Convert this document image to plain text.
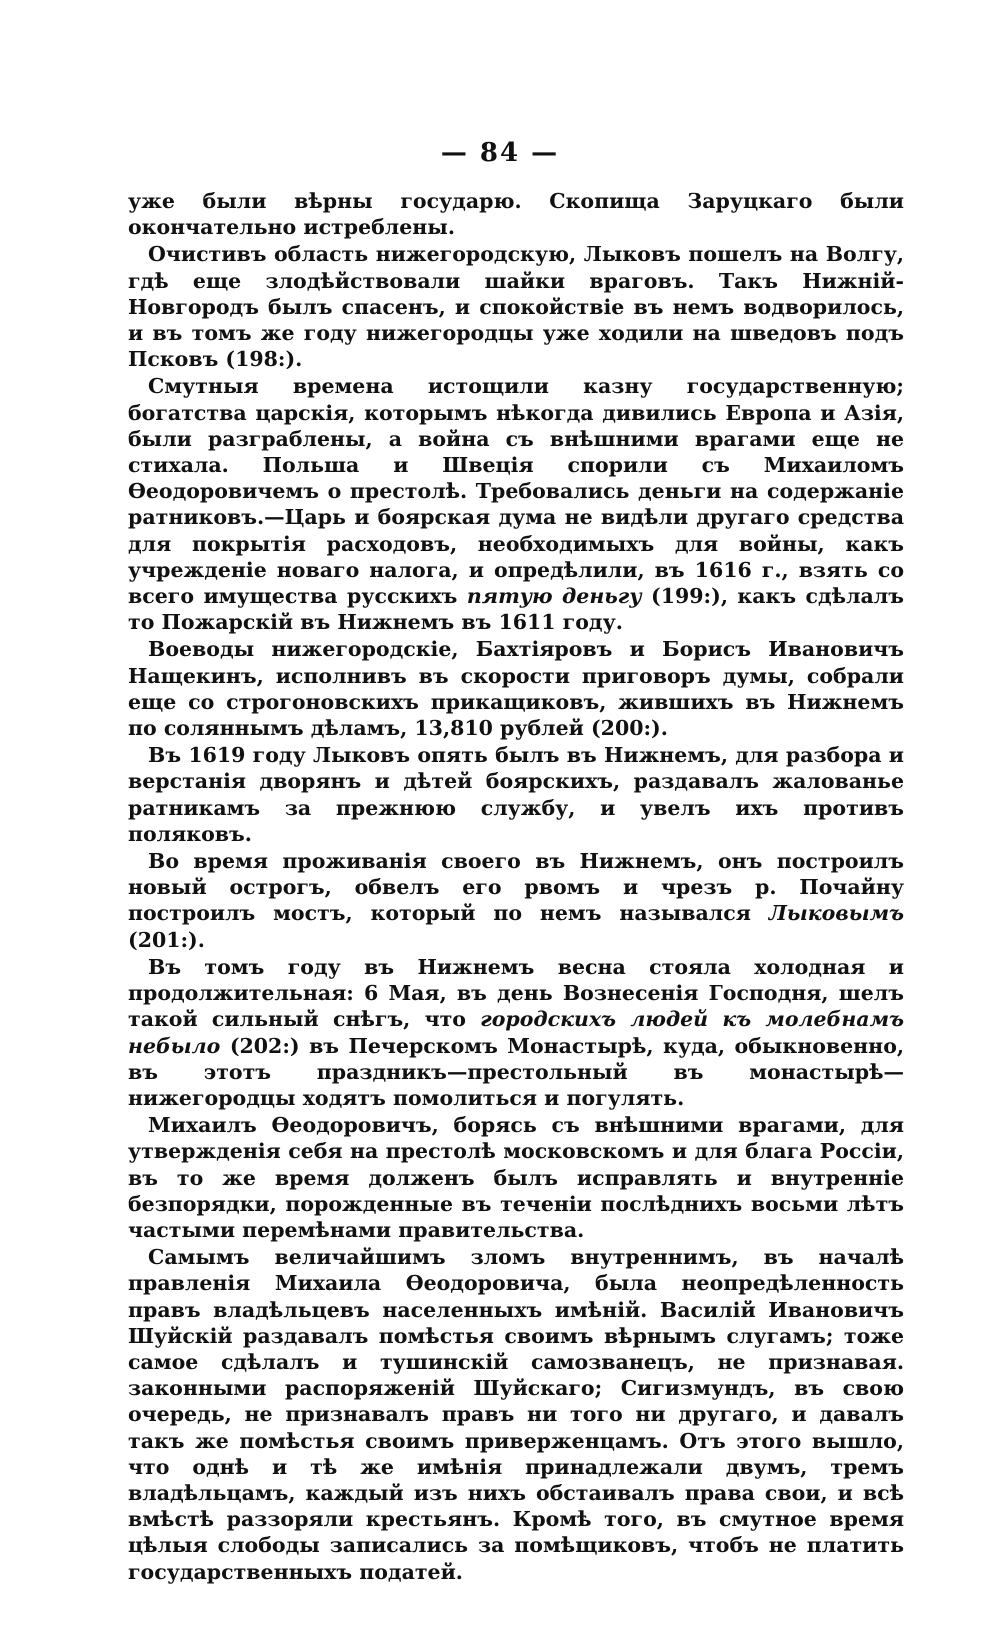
— 84 —

уже были вѣрны государю. Скопища Заруцкаго были окончательно истреблены.

Очистивъ область нижегородскую, Лыковъ пошелъ на Волгу, гдѣ еще злодѣйствовали шайки враговъ. Такъ Нижній-Новгородъ былъ спасенъ, и спокойствіе въ немъ водворилось, и въ томъ же году нижегородцы уже ходили на шведовъ подъ Псковъ (198:).

Смутныя времена истощили казну государственную; богатства царскія, которымъ нѣкогда дивились Европа и Азія, были разграблены, а война съ внѣшними врагами еще не стихала. Польша и Швеція спорили съ Михаиломъ Ѳеодоровичемъ о престолѣ. Требовались деньги на содержаніе ратниковъ.—Царь и боярская дума не видѣли другаго средства для покрытія расходовъ, необходимыхъ для войны, какъ учрежденіе новаго налога, и опредѣлили, въ 1616 г., взять со всего имущества русскихъ пятую деньгу (199:), какъ сдѣлалъ то Пожарскій въ Нижнемъ въ 1611 году.

Воеводы нижегородскіе, Бахтіяровъ и Борисъ Ивановичъ Нащекинъ, исполнивъ въ скорости приговоръ думы, собрали еще со строгоновскихъ прикащиковъ, жившихъ въ Нижнемъ по соляннымъ дѣламъ, 13,810 рублей (200:).

Въ 1619 году Лыковъ опять былъ въ Нижнемъ, для разбора и верстанія дворянъ и дѣтей боярскихъ, раздавалъ жалованье ратникамъ за прежнюю службу, и увелъ ихъ противъ поляковъ.

Во время проживанія своего въ Нижнемъ, онъ построилъ новый острогъ, обвелъ его рвомъ и чрезъ р. Почайну построилъ мостъ, который по немъ назывался Лыковымъ (201:).

Въ томъ году въ Нижнемъ весна стояла холодная и продолжительная: 6 Мая, въ день Вознесенія Господня, шелъ такой сильный снѣгъ, что городскихъ людей къ молебнамъ небыло (202:) въ Печерскомъ Монастырѣ, куда, обыкновенно, въ этотъ праздникъ—престольный въ монастырѣ—нижегородцы ходятъ помолиться и погулять.

Михаилъ Ѳеодоровичъ, борясь съ внѣшними врагами, для утвержденія себя на престолѣ московскомъ и для блага Россіи, въ то же время долженъ былъ исправлять и внутренніе безпорядки, порожденные въ теченіи послѣднихъ восьми лѣтъ частыми перемѣнами правительства.

Самымъ величайшимъ зломъ внутреннимъ, въ началѣ правленія Михаила Ѳеодоровича, была неопредѣленность правъ владѣльцевъ населенныхъ имѣній. Василій Ивановичъ Шуйскій раздавалъ помѣстья своимъ вѣрнымъ слугамъ; тоже самое сдѣлалъ и тушинскій самозванецъ, не признавая. законными распоряженій Шуйскаго; Сигизмундъ, въ свою очередь, не признавалъ правъ ни того ни другаго, и давалъ такъ же помѣстья своимъ приверженцамъ. Отъ этого вышло, что однѣ и тѣ же имѣнія принадлежали двумъ, тремъ владѣльцамъ, каждый изъ нихъ обстаивалъ права свои, и всѣ вмѣстѣ раззоряли крестьянъ. Кромѣ того, въ смутное время цѣлыя слободы записались за помѣщиковъ, чтобъ не платить государственныхъ податей.
